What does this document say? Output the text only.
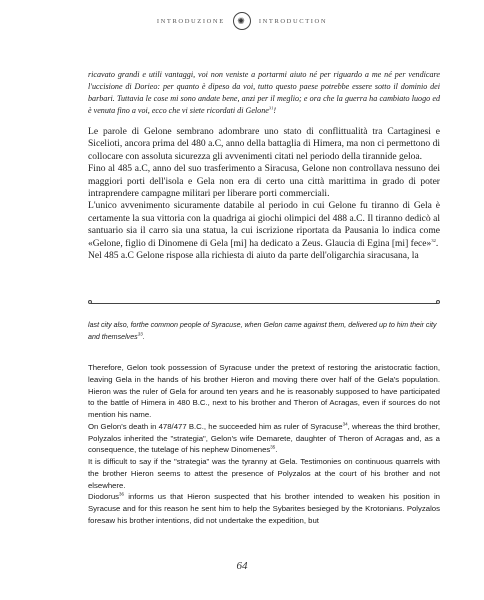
INTRODUZIONE	✺	INTRODUCTION
ricavato grandi e utili vantaggi, voi non veniste a portarmi aiuto né per riguardo a me né per vendicare l'uccisione di Dorieo: per quanto è dipeso da voi, tutto questo paese potrebbe essere sotto il dominio dei barbari. Tuttavia le cose mi sono andate bene, anzi per il meglio; e ora che la guerra ha cambiato luogo ed è venuta fino a voi, ecco che vi siete ricordati di Gelone$^{31}$!

Le parole di Gelone sembrano adombrare uno stato di conflittualità tra Cartaginesi e Sicelioti, ancora prima del 480 a.C, anno della battaglia di Himera, ma non ci permettono di collocare con assoluta sicurezza gli avvenimenti citati nel periodo della tirannide geloa.

Fino al 485 a.C, anno del suo trasferimento a Siracusa, Gelone non controllava nessuno dei maggiori porti dell'isola e Gela non era di certo una città marittima in grado di poter intraprendere campagne militari per liberare porti commerciali.

L'unico avvenimento sicuramente databile al periodo in cui Gelone fu tiranno di Gela è certamente la sua vittoria con la quadriga ai giochi olimpici del 488 a.C. Il tiranno dedicò al santuario sia il carro sia una statua, la cui iscrizione riportata da Pausania lo indica come «Gelone, figlio di Dinomene di Gela [mi] ha dedicato a Zeus. Glaucia di Egina [mi] fece»$^{32}$.

Nel 485 a.C Gelone rispose alla richiesta di aiuto da parte dell'oligarchia siracusana, la

last city also, forthe common people of Syracuse, when Gelon came against them, delivered up to him their city and themselves$^{33}$.

Therefore, Gelon took possession of Syracuse under the pretext of restoring the aristocratic faction, leaving Gela in the hands of his brother Hieron and moving there over half of the Gela's population. Hieron was the ruler of Gela for around ten years and he is reasonably supposed to have participated to the battle of Himera in 480 B.C., next to his brother and Theron of Acragas, even if sources do not mention his name.

On Gelon's death in 478/477 B.C., he succeeded him as ruler of Syracuse$^{34}$, whereas the third brother, Polyzalos inherited the "strategia", Gelon's wife Demarete, daughter of Theron of Acragas and, as a consequence, the tutelage of his nephew Dinomenes$^{35}$.

It is difficult to say if the "strategia" was the tyranny at Gela. Testimonies on continuous quarrels with the brother Hieron seems to attest the presence of Polyzalos at the court of his brother and not elsewhere.

Diodorus$^{36}$ informs us that Hieron suspected that his brother intended to weaken his position in Syracuse and for this reason he sent him to help the Sybarites besieged by the Krotonians. Polyzalos foresaw his brother intentions, did not undertake the expedition, but

64
